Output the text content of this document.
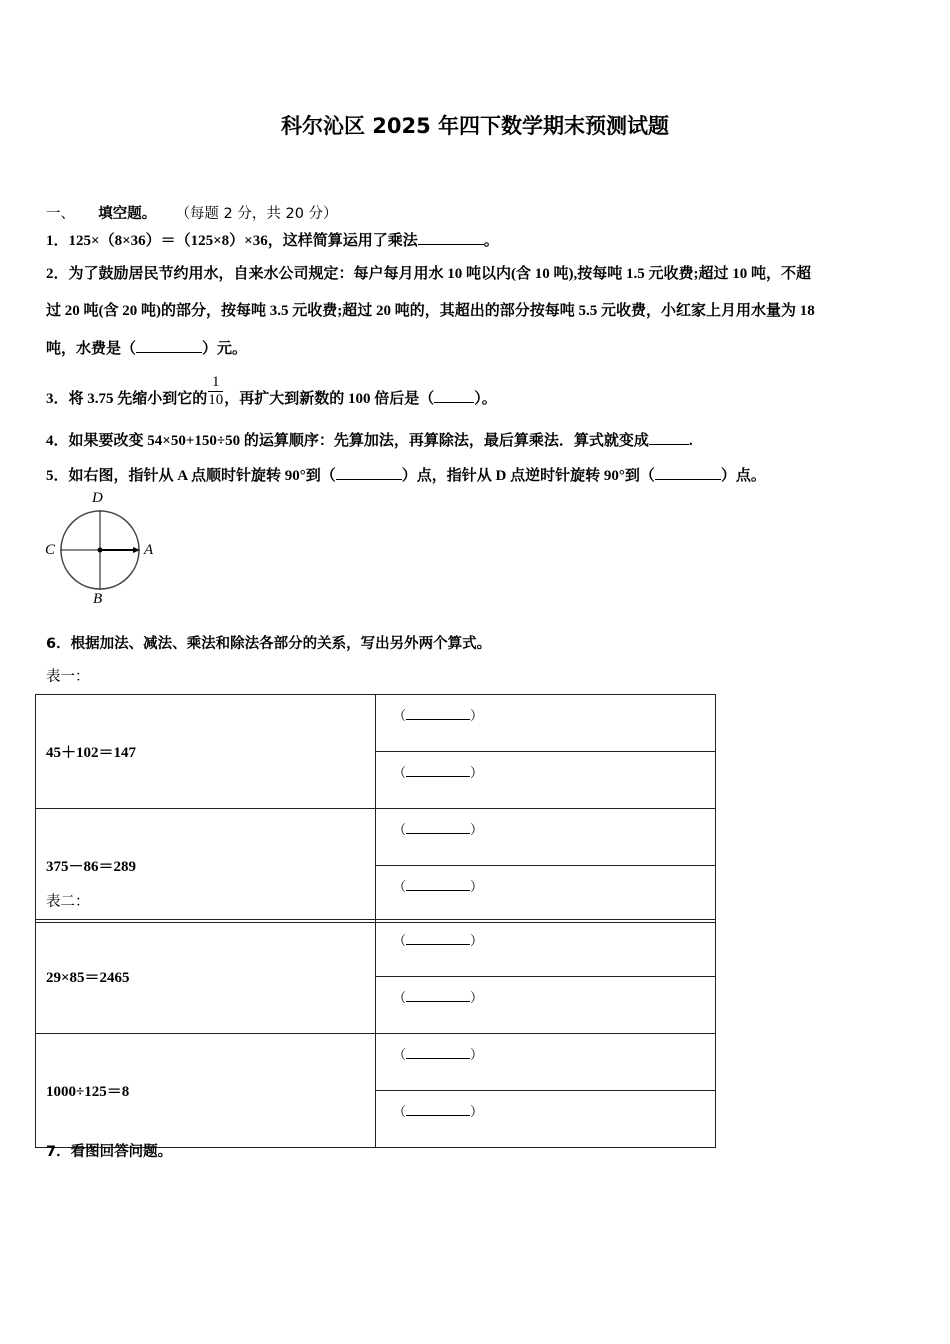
科尔沁区 2025 年四下数学期末预测试题
一、 填空题。 （每题 2 分，共 20 分）
1．125×（8×36）＝（125×8）×36，这样简算运用了乘法	。
2．为了鼓励居民节约用水，自来水公司规定：每户每月用水 10 吨以内(含 10 吨),按每吨 1.5 元收费;超过 10 吨，不超
过 20 吨(含 20 吨)的部分，按每吨 3.5 元收费;超过 20 吨的，其超出的部分按每吨 5.5 元收费，小红家上月用水量为 18
吨，水费是（	）元。
3．将 3.75 先缩小到它的 $\frac{1}{10}$ ，再扩大到新数的 100 倍后是（	）。
4．如果要改变 54×50+150÷50 的运算顺序：先算加法，再算除法，最后算乘法．算式就变成	.
5．如右图，指针从 A 点顺时针旋转 90°到（	）点，指针从 D 点逆时针旋转 90°到（	）点。
D
C	A
B
6．根据加法、减法、乘法和除法各部分的关系，写出另外两个算式。
表一：
45＋102＝147	（ ）
	（ ）
375－86＝289	（ ）
	（ ）
表二：
29×85＝2465	（ ）
	（ ）
1000÷125＝8	（ ）
	（ ）
7．看图回答问题。
